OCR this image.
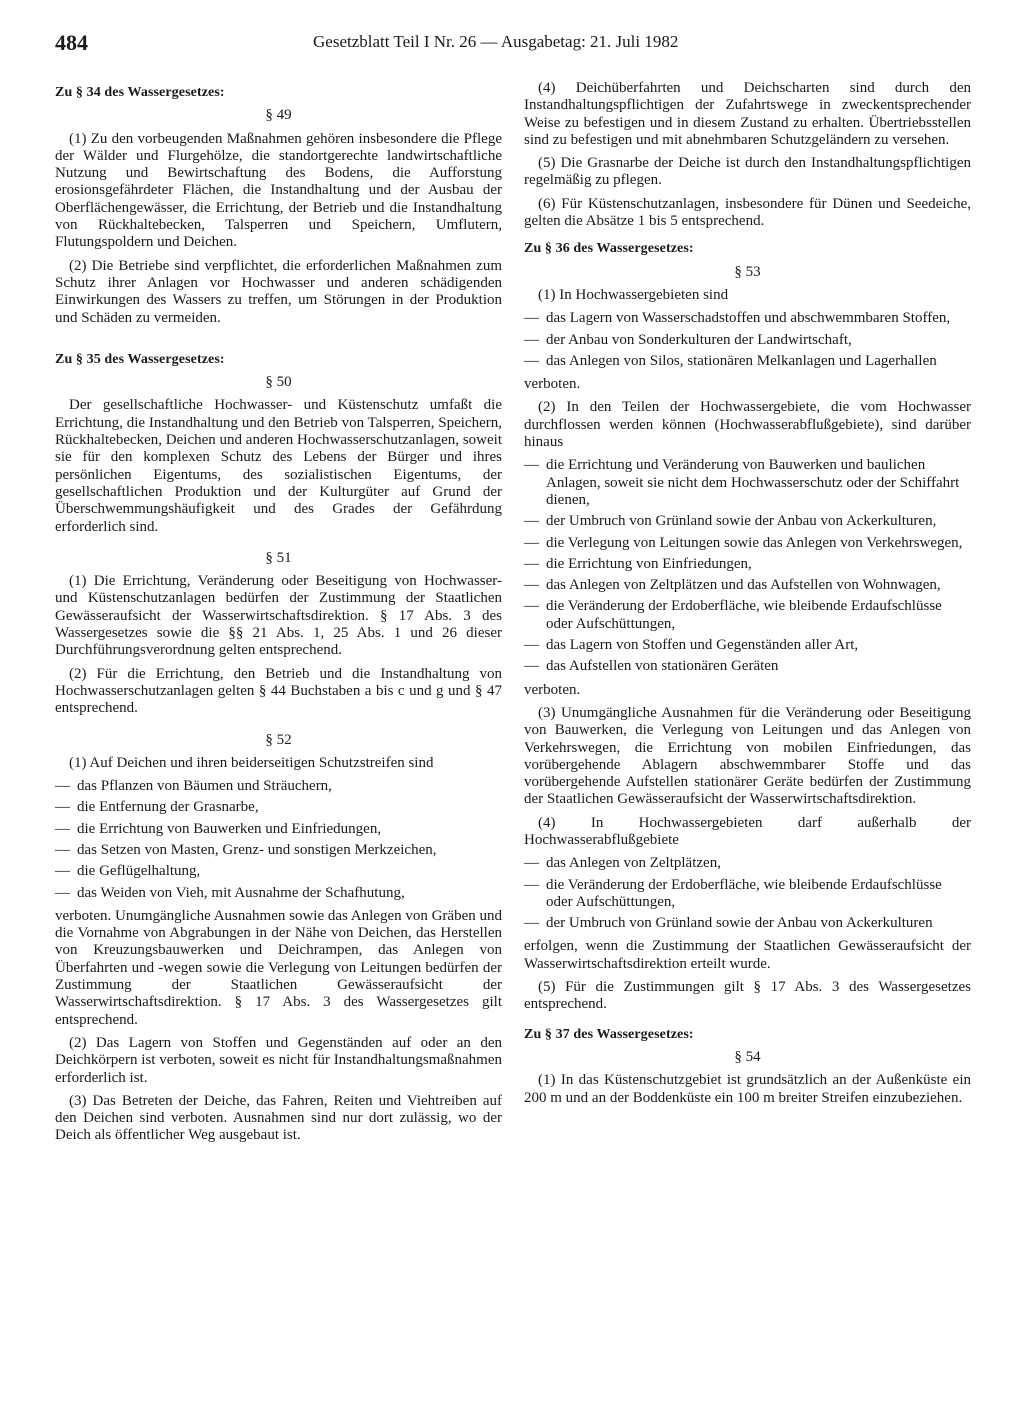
484	Gesetzblatt Teil I Nr. 26 — Ausgabetag: 21. Juli 1982
Zu § 34 des Wassergesetzes:
§ 49

(1) Zu den vorbeugenden Maßnahmen gehören insbesondere die Pflege der Wälder und Flurgehölze, die standortgerechte landwirtschaftliche Nutzung und Bewirtschaftung des Bodens, die Aufforstung erosionsgefährdeter Flächen, die Instandhaltung und der Ausbau der Oberflächengewässer, die Errichtung, der Betrieb und die Instandhaltung von Rückhaltebecken, Talsperren und Speichern, Umflutern, Flutungspoldern und Deichen.

(2) Die Betriebe sind verpflichtet, die erforderlichen Maßnahmen zum Schutz ihrer Anlagen vor Hochwasser und anderen schädigenden Einwirkungen des Wassers zu treffen, um Störungen in der Produktion und Schäden zu vermeiden.

Zu § 35 des Wassergesetzes:
§ 50

Der gesellschaftliche Hochwasser- und Küstenschutz umfaßt die Errichtung, die Instandhaltung und den Betrieb von Talsperren, Speichern, Rückhaltebecken, Deichen und anderen Hochwasserschutzanlagen, soweit sie für den komplexen Schutz des Lebens der Bürger und ihres persönlichen Eigentums, des sozialistischen Eigentums, der gesellschaftlichen Produktion und der Kulturgüter auf Grund der Überschwemmungshäufigkeit und des Grades der Gefährdung erforderlich sind.

§ 51

(1) Die Errichtung, Veränderung oder Beseitigung von Hochwasser- und Küstenschutzanlagen bedürfen der Zustimmung der Staatlichen Gewässeraufsicht der Wasserwirtschaftsdirektion. § 17 Abs. 3 des Wassergesetzes sowie die §§ 21 Abs. 1, 25 Abs. 1 und 26 dieser Durchführungsverordnung gelten entsprechend.

(2) Für die Errichtung, den Betrieb und die Instandhaltung von Hochwasserschutzanlagen gelten § 44 Buchstaben a bis c und g und § 47 entsprechend.

§ 52

(1) Auf Deichen und ihren beiderseitigen Schutzstreifen sind

— das Pflanzen von Bäumen und Sträuchern,
— die Entfernung der Grasnarbe,
— die Errichtung von Bauwerken und Einfriedungen,
— das Setzen von Masten, Grenz- und sonstigen Merkzeichen,
— die Geflügelhaltung,
— das Weiden von Vieh, mit Ausnahme der Schafhutung,

verboten. Unumgängliche Ausnahmen sowie das Anlegen von Gräben und die Vornahme von Abgrabungen in der Nähe von Deichen, das Herstellen von Kreuzungsbauwerken und Deichrampen, das Anlegen von Überfahrten und -wegen sowie die Verlegung von Leitungen bedürfen der Zustimmung der Staatlichen Gewässeraufsicht der Wasserwirtschaftsdirektion. § 17 Abs. 3 des Wassergesetzes gilt entsprechend.

(2) Das Lagern von Stoffen und Gegenständen auf oder an den Deichkörpern ist verboten, soweit es nicht für Instandhaltungsmaßnahmen erforderlich ist.

(3) Das Betreten der Deiche, das Fahren, Reiten und Viehtreiben auf den Deichen sind verboten. Ausnahmen sind nur dort zulässig, wo der Deich als öffentlicher Weg ausgebaut ist.

(4) Deichüberfahrten und Deichscharten sind durch den Instandhaltungspflichtigen der Zufahrtswege in zweckentsprechender Weise zu befestigen und in diesem Zustand zu erhalten. Übertriebsstellen sind zu befestigen und mit abnehmbaren Schutzgeländern zu versehen.

(5) Die Grasnarbe der Deiche ist durch den Instandhaltungspflichtigen regelmäßig zu pflegen.

(6) Für Küstenschutzanlagen, insbesondere für Dünen und Seedeiche, gelten die Absätze 1 bis 5 entsprechend.

Zu § 36 des Wassergesetzes:
§ 53

(1) In Hochwassergebieten sind

— das Lagern von Wasserschadstoffen und abschwemmbaren Stoffen,
— der Anbau von Sonderkulturen der Landwirtschaft,
— das Anlegen von Silos, stationären Melkanlagen und Lagerhallen

verboten.

(2) In den Teilen der Hochwassergebiete, die vom Hochwasser durchflossen werden können (Hochwasserabflußgebiete), sind darüber hinaus

— die Errichtung und Veränderung von Bauwerken und baulichen Anlagen, soweit sie nicht dem Hochwasserschutz oder der Schiffahrt dienen,
— der Umbruch von Grünland sowie der Anbau von Ackerkulturen,
— die Verlegung von Leitungen sowie das Anlegen von Verkehrswegen,
— die Errichtung von Einfriedungen,
— das Anlegen von Zeltplätzen und das Aufstellen von Wohnwagen,
— die Veränderung der Erdoberfläche, wie bleibende Erdaufschlüsse oder Aufschüttungen,
— das Lagern von Stoffen und Gegenständen aller Art,
— das Aufstellen von stationären Geräten

verboten.

(3) Unumgängliche Ausnahmen für die Veränderung oder Beseitigung von Bauwerken, die Verlegung von Leitungen und das Anlegen von Verkehrswegen, die Errichtung von mobilen Einfriedungen, das vorübergehende Ablagern abschwemmbarer Stoffe und das vorübergehende Aufstellen stationärer Geräte bedürfen der Zustimmung der Staatlichen Gewässeraufsicht der Wasserwirtschaftsdirektion.

(4) In Hochwassergebieten darf außerhalb der Hochwasserabflußgebiete

— das Anlegen von Zeltplätzen,
— die Veränderung der Erdoberfläche, wie bleibende Erdaufschlüsse oder Aufschüttungen,
— der Umbruch von Grünland sowie der Anbau von Ackerkulturen

erfolgen, wenn die Zustimmung der Staatlichen Gewässeraufsicht der Wasserwirtschaftsdirektion erteilt wurde.

(5) Für die Zustimmungen gilt § 17 Abs. 3 des Wassergesetzes entsprechend.

Zu § 37 des Wassergesetzes:
§ 54

(1) In das Küstenschutzgebiet ist grundsätzlich an der Außenküste ein 200 m und an der Boddenküste ein 100 m breiter Streifen einzubeziehen.
